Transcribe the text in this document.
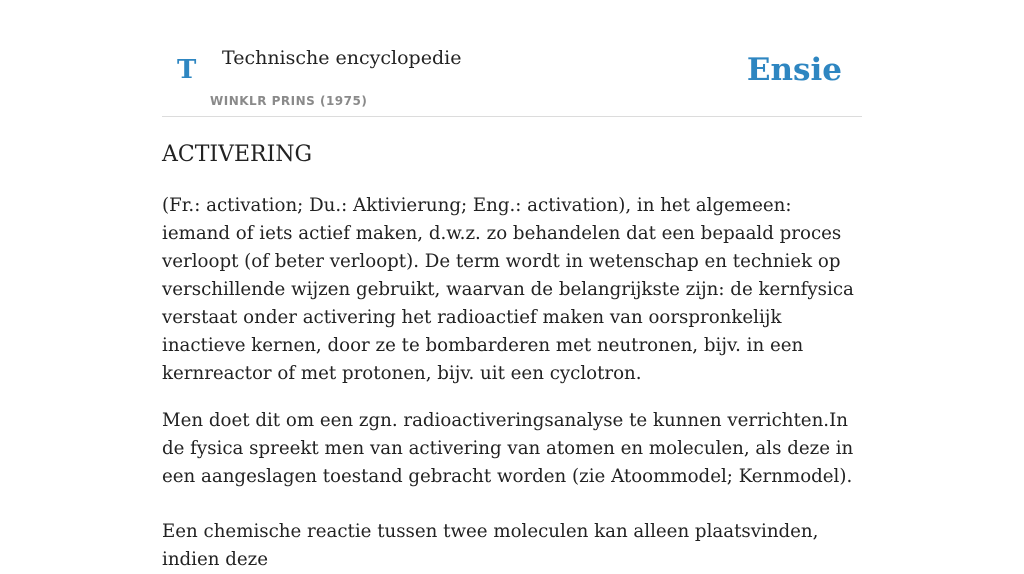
T Technische encyclopedie
WINKLR PRINS (1975)
Ensie
ACTIVERING

(Fr.: activation; Du.: Aktivierung; Eng.: activation), in het algemeen: iemand of iets actief maken, d.w.z. zo behandelen dat een bepaald proces verloopt (of beter verloopt). De term wordt in wetenschap en techniek op verschillende wijzen gebruikt, waarvan de belangrijkste zijn: de kernfysica verstaat onder activering het radioactief maken van oorspronkelijk inactieve kernen, door ze te bombarderen met neutronen, bijv. in een kernreactor of met protonen, bijv. uit een cyclotron.

Men doet dit om een zgn. radioactiveringsanalyse te kunnen verrichten.In de fysica spreekt men van activering van atomen en moleculen, als deze in een aangeslagen toestand gebracht worden (zie Atoommodel; Kernmodel).

Een chemische reactie tussen twee moleculen kan alleen plaatsvinden, indien deze
